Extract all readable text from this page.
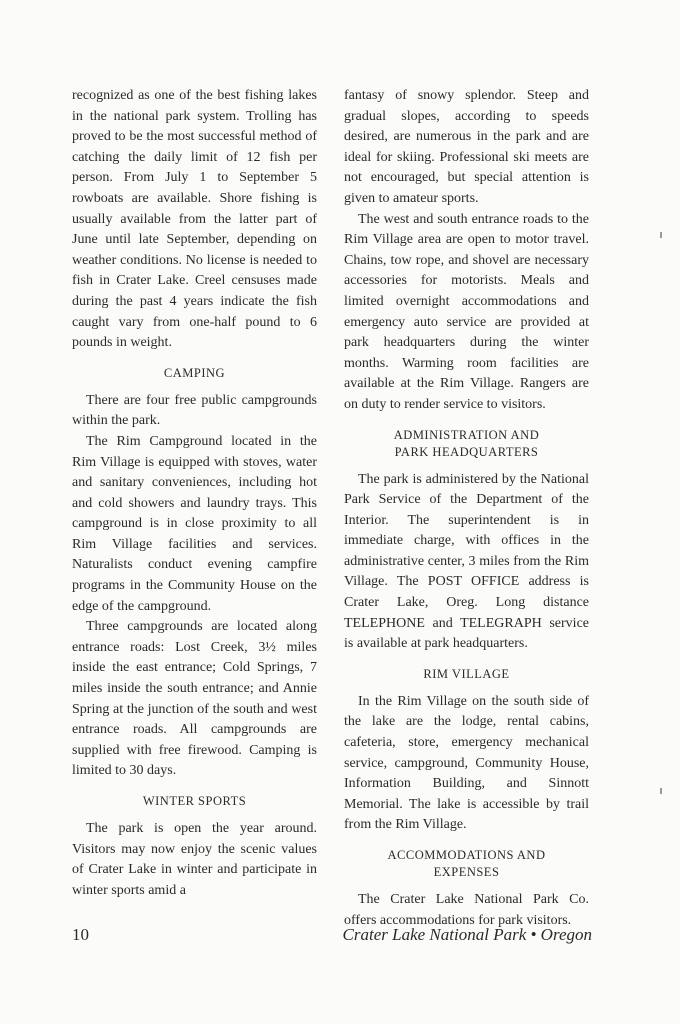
recognized as one of the best fishing lakes in the national park system. Trolling has proved to be the most successful method of catching the daily limit of 12 fish per person. From July 1 to September 5 rowboats are available. Shore fishing is usually available from the latter part of June until late September, depending on weather conditions. No license is needed to fish in Crater Lake. Creel censuses made during the past 4 years indicate the fish caught vary from one-half pound to 6 pounds in weight.

CAMPING

There are four free public campgrounds within the park.

The Rim Campground located in the Rim Village is equipped with stoves, water and sanitary conveniences, including hot and cold showers and laundry trays. This campground is in close proximity to all Rim Village facilities and services. Naturalists conduct evening campfire programs in the Community House on the edge of the campground.

Three campgrounds are located along entrance roads: Lost Creek, 3½ miles inside the east entrance; Cold Springs, 7 miles inside the south entrance; and Annie Spring at the junction of the south and west entrance roads. All campgrounds are supplied with free firewood. Camping is limited to 30 days.

WINTER SPORTS

The park is open the year around. Visitors may now enjoy the scenic values of Crater Lake in winter and participate in winter sports amid a

fantasy of snowy splendor. Steep and gradual slopes, according to speeds desired, are numerous in the park and are ideal for skiing. Professional ski meets are not encouraged, but special attention is given to amateur sports.

The west and south entrance roads to the Rim Village area are open to motor travel. Chains, tow rope, and shovel are necessary accessories for motorists. Meals and limited overnight accommodations and emergency auto service are provided at park headquarters during the winter months. Warming room facilities are available at the Rim Village. Rangers are on duty to render service to visitors.

ADMINISTRATION AND
PARK HEADQUARTERS

The park is administered by the National Park Service of the Department of the Interior. The superintendent is in immediate charge, with offices in the administrative center, 3 miles from the Rim Village. The POST OFFICE address is Crater Lake, Oreg. Long distance TELEPHONE and TELEGRAPH service is available at park headquarters.

RIM VILLAGE

In the Rim Village on the south side of the lake are the lodge, rental cabins, cafeteria, store, emergency mechanical service, campground, Community House, Information Building, and Sinnott Memorial. The lake is accessible by trail from the Rim Village.

ACCOMMODATIONS AND
EXPENSES

The Crater Lake National Park Co. offers accommodations for park visitors.

10	Crater Lake National Park • Oregon
